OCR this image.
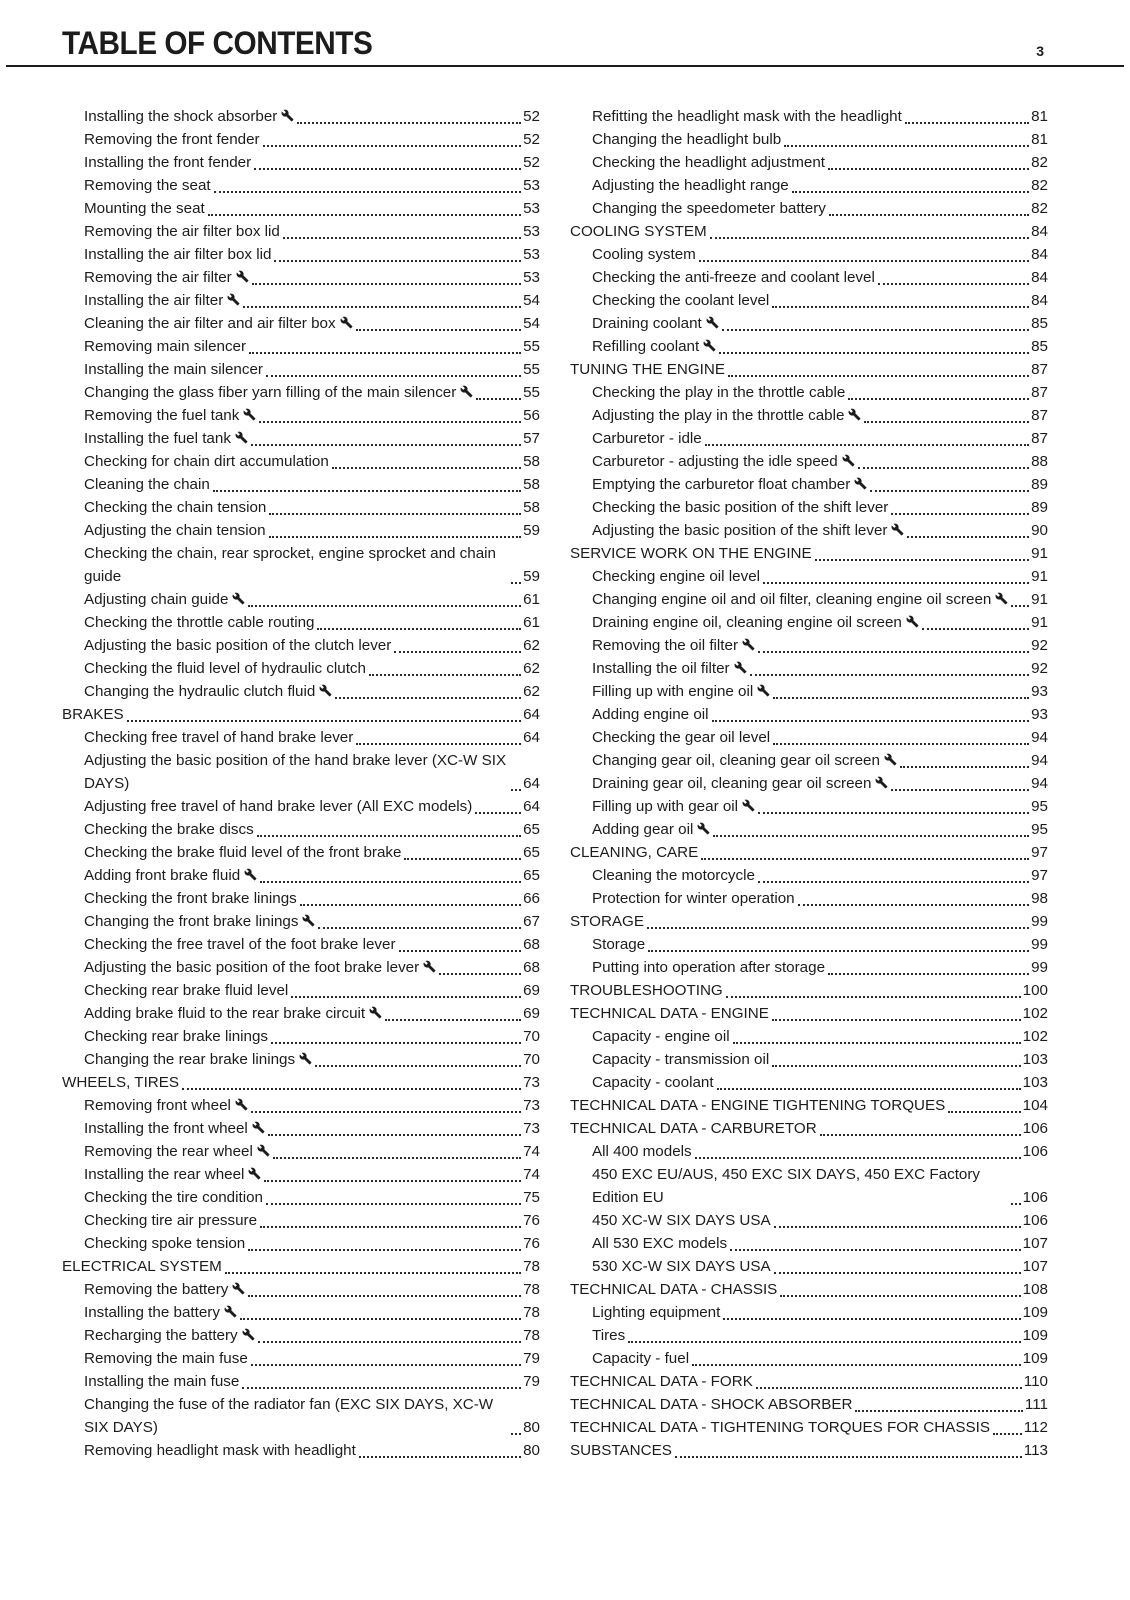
TABLE OF CONTENTS	3
Installing the shock absorber	52
Removing the front fender	52
Installing the front fender	52
Removing the seat	53
Mounting the seat	53
Removing the air filter box lid	53
Installing the air filter box lid	53
Removing the air filter	53
Installing the air filter	54
Cleaning the air filter and air filter box	54
Removing main silencer	55
Installing the main silencer	55
Changing the glass fiber yarn filling of the main silencer	55
Removing the fuel tank	56
Installing the fuel tank	57
Checking for chain dirt accumulation	58
Cleaning the chain	58
Checking the chain tension	58
Adjusting the chain tension	59
Checking the chain, rear sprocket, engine sprocket and chain guide	59
Adjusting chain guide	61
Checking the throttle cable routing	61
Adjusting the basic position of the clutch lever	62
Checking the fluid level of hydraulic clutch	62
Changing the hydraulic clutch fluid	62
BRAKES	64
Checking free travel of hand brake lever	64
Adjusting the basic position of the hand brake lever (XC-W SIX DAYS)	64
Adjusting free travel of hand brake lever (All EXC models)	64
Checking the brake discs	65
Checking the brake fluid level of the front brake	65
Adding front brake fluid	65
Checking the front brake linings	66
Changing the front brake linings	67
Checking the free travel of the foot brake lever	68
Adjusting the basic position of the foot brake lever	68
Checking rear brake fluid level	69
Adding brake fluid to the rear brake circuit	69
Checking rear brake linings	70
Changing the rear brake linings	70
WHEELS, TIRES	73
Removing front wheel	73
Installing the front wheel	73
Removing the rear wheel	74
Installing the rear wheel	74
Checking the tire condition	75
Checking tire air pressure	76
Checking spoke tension	76
ELECTRICAL SYSTEM	78
Removing the battery	78
Installing the battery	78
Recharging the battery	78
Removing the main fuse	79
Installing the main fuse	79
Changing the fuse of the radiator fan (EXC SIX DAYS, XC-W SIX DAYS)	80
Removing headlight mask with headlight	80
Refitting the headlight mask with the headlight	81
Changing the headlight bulb	81
Checking the headlight adjustment	82
Adjusting the headlight range	82
Changing the speedometer battery	82
COOLING SYSTEM	84
Cooling system	84
Checking the anti-freeze and coolant level	84
Checking the coolant level	84
Draining coolant	85
Refilling coolant	85
TUNING THE ENGINE	87
Checking the play in the throttle cable	87
Adjusting the play in the throttle cable	87
Carburetor - idle	87
Carburetor - adjusting the idle speed	88
Emptying the carburetor float chamber	89
Checking the basic position of the shift lever	89
Adjusting the basic position of the shift lever	90
SERVICE WORK ON THE ENGINE	91
Checking engine oil level	91
Changing engine oil and oil filter, cleaning engine oil screen	91
Draining engine oil, cleaning engine oil screen	91
Removing the oil filter	92
Installing the oil filter	92
Filling up with engine oil	93
Adding engine oil	93
Checking the gear oil level	94
Changing gear oil, cleaning gear oil screen	94
Draining gear oil, cleaning gear oil screen	94
Filling up with gear oil	95
Adding gear oil	95
CLEANING, CARE	97
Cleaning the motorcycle	97
Protection for winter operation	98
STORAGE	99
Storage	99
Putting into operation after storage	99
TROUBLESHOOTING	100
TECHNICAL DATA - ENGINE	102
Capacity - engine oil	102
Capacity - transmission oil	103
Capacity - coolant	103
TECHNICAL DATA - ENGINE TIGHTENING TORQUES	104
TECHNICAL DATA - CARBURETOR	106
All 400 models	106
450 EXC EU/AUS, 450 EXC SIX DAYS, 450 EXC Factory Edition EU	106
450 XC-W SIX DAYS USA	106
All 530 EXC models	107
530 XC-W SIX DAYS USA	107
TECHNICAL DATA - CHASSIS	108
Lighting equipment	109
Tires	109
Capacity - fuel	109
TECHNICAL DATA - FORK	110
TECHNICAL DATA - SHOCK ABSORBER	111
TECHNICAL DATA - TIGHTENING TORQUES FOR CHASSIS 112
SUBSTANCES	113
